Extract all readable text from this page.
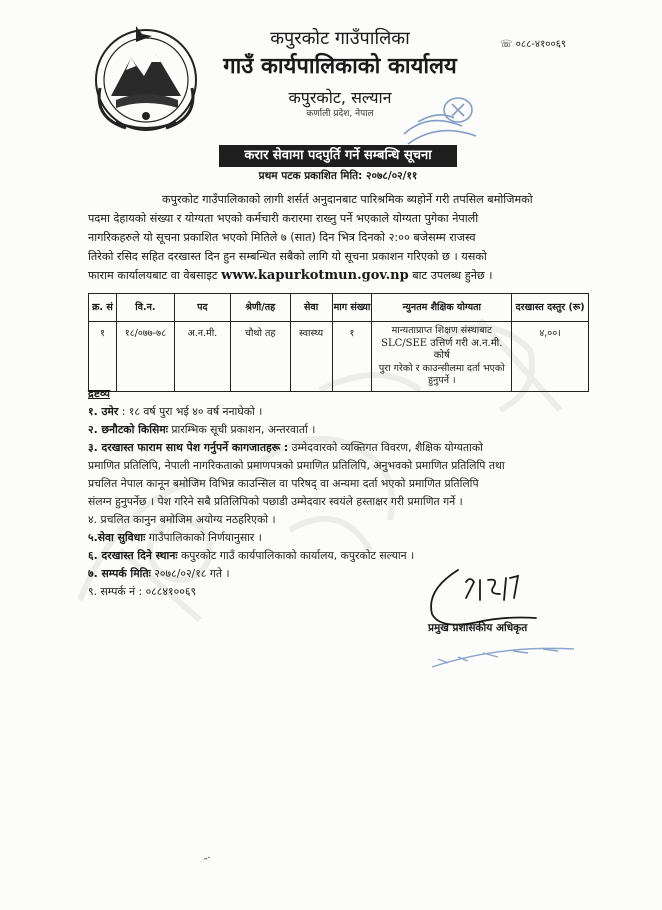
कपुरकोट गाउँपालिका
गाउँ कार्यपालिकाको कार्यालय
कपुरकोट, सल्यान
कर्णाली प्रदेश, नेपाल
☏ ०८८-४१००६९
करार सेवामा पदपुर्ति गर्ने सम्बन्धि सूचना
प्रथम पटक प्रकाशित मिति: २०७८/०२/११
कपुरकोट गाउँपालिकाको लागी शर्सर्त अनुदानबाट पारिश्रमिक ब्यहोर्ने गरी तपसिल बमोजिमको
पदमा देहायको संख्या र योग्यता भएको कर्मचारी करारमा राख्नु पर्ने भएकाले योग्यता पुगेका नेपाली
नागरिकहरुले यो सूचना प्रकाशित भएको मितिले ७ (सात) दिन भित्र दिनको २:०० बजेसम्म राजस्व
तिरेको रसिद सहित दरखास्त दिन हुन सम्बन्धित सबैको लागि यो सूचना प्रकाशन गरिएको छ । यसको
फाराम कार्यालयबाट वा वेबसाइट www.kapurkotmun.gov.np बाट उपलब्ध हुनेछ ।
क्र. सं	वि.न.	पद	श्रेणी/तह	सेवा	माग संख्या	न्युनतम शैक्षिक योग्यता	दरखास्त दस्तुर (रू)
१	१८/०७७-७८	अ.न.मी.	चौथो तह	स्वास्थ्य	१	मान्यताप्राप्त शिक्षण संस्थाबाट
SLC/SEE उत्तिर्ण गरी अ.न.मी. कोर्ष
पुरा गरेको र काउन्सीलमा दर्ता भएको
हुनुपर्ने ।	४,००।
द्रष्टव्य
१. उमेर : १८ वर्ष पुरा भई ४० वर्ष ननाघेको ।
२. छनौटको किसिमः प्रारम्भिक सूची प्रकाशन, अन्तरवार्ता ।
३. दरखास्त फाराम साथ पेश गर्नुपर्ने कागजातहरू : उम्मेदवारको व्यक्तिगत विवरण, शैक्षिक योग्यताको
प्रमाणित प्रतिलिपि, नेपाली नागरिकताको प्रमाणपत्रको प्रमाणित प्रतिलिपि, अनुभवको प्रमाणित प्रतिलिपि तथा
प्रचलित नेपाल कानून बमोजिम विभिन्न काउन्सिल वा परिषद् वा अन्यमा दर्ता भएको प्रमाणित प्रतिलिपि
संलग्न हुनुपर्नेछ । पेश गरिने सबै प्रतिलिपिको पछाडी उम्मेदवार स्वयंले हस्ताक्षर गरी प्रमाणित गर्ने ।
४. प्रचलित कानुन बमोजिम अयोग्य नठहरिएको ।
५.सेवा सुविधाः गाउँपालिकाको निर्णयानुसार ।
६. दरखास्त दिने स्थानः कपुरकोट गाउँ कार्यपालिकाको कार्यालय, कपुरकोट सल्यान ।
७. सम्पर्क मितिः २०७८/०२/१८ गते ।
९. सम्पर्क नं : ०८८४१००६९
प्रमुख प्रशासकीय अधिकृत
˶·
